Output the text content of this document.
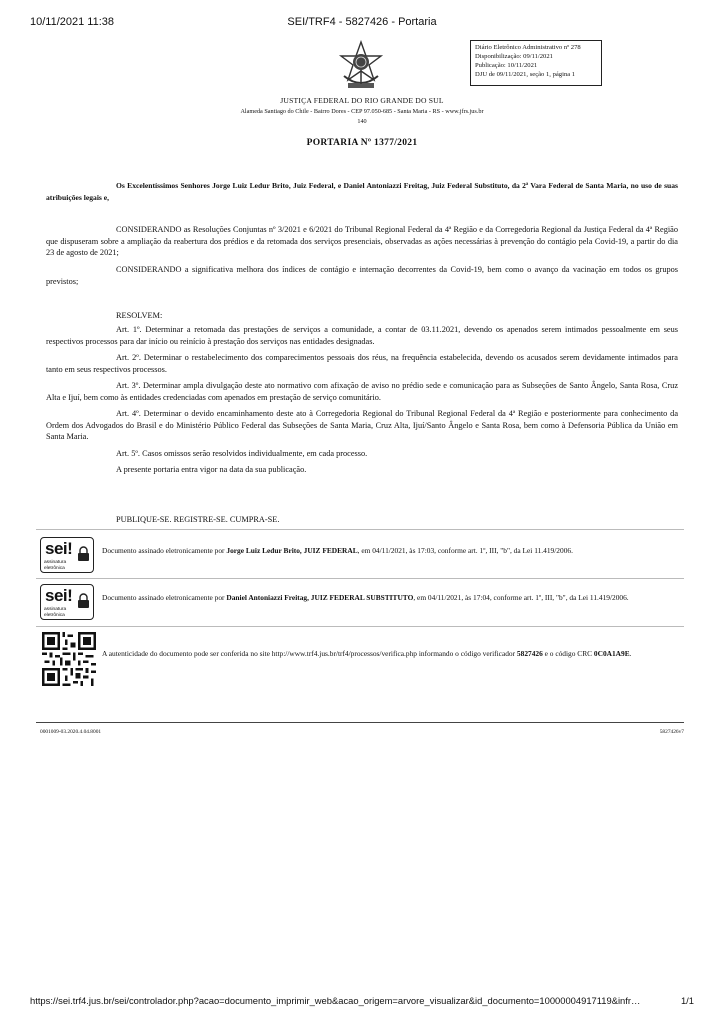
10/11/2021 11:38	SEI/TRF4 - 5827426 - Portaria
Diário Eletrônico Administrativo nº 278
Disponibilização: 09/11/2021
Publicação: 10/11/2021
DJU de 09/11/2021, seção 1, página 1
JUSTIÇA FEDERAL DO RIO GRANDE DO SUL
Alameda Santiago do Chile - Bairro Dores - CEP 97.050-685 - Santa Maria - RS - www.jfrs.jus.br
140
PORTARIA Nº 1377/2021

Os Excelentíssimos Senhores Jorge Luiz Ledur Brito, Juiz Federal, e Daniel Antoniazzi Freitag, Juiz Federal Substituto, da 2ª Vara Federal de Santa Maria, no uso de suas atribuições legais e,

CONSIDERANDO as Resoluções Conjuntas nº 3/2021 e 6/2021 do Tribunal Regional Federal da 4ª Região e da Corregedoria Regional da Justiça Federal da 4ª Região que dispuseram sobre a ampliação da reabertura dos prédios e da retomada dos serviços presenciais, observadas as ações necessárias à prevenção do contágio pela Covid-19, a partir do dia 23 de agosto de 2021;

CONSIDERANDO a significativa melhora dos índices de contágio e internação decorrentes da Covid-19, bem como o avanço da vacinação em todos os grupos previstos;

RESOLVEM:

Art. 1º. Determinar a retomada das prestações de serviços a comunidade, a contar de 03.11.2021, devendo os apenados serem intimados pessoalmente em seus respectivos processos para dar início ou reinício à prestação dos serviços nas entidades designadas.

Art. 2º. Determinar o restabelecimento dos comparecimentos pessoais dos réus, na frequência estabelecida, devendo os acusados serem devidamente intimados para tanto em seus respectivos processos.

Art. 3º. Determinar ampla divulgação deste ato normativo com afixação de aviso no prédio sede e comunicação para as Subseções de Santo Ângelo, Santa Rosa, Cruz Alta e Ijuí, bem como às entidades credenciadas com apenados em prestação de serviço comunitário.

Art. 4º. Determinar o devido encaminhamento deste ato à Corregedoria Regional do Tribunal Regional Federal da 4ª Região e posteriormente para conhecimento da Ordem dos Advogados do Brasil e do Ministério Público Federal das Subseções de Santa Maria, Cruz Alta, Ijuí/Santo Ângelo e Santa Rosa, bem como à Defensoria Pública da União em Santa Maria.

Art. 5º. Casos omissos serão resolvidos individualmente, em cada processo.

A presente portaria entra vigor na data da sua publicação.

PUBLIQUE-SE. REGISTRE-SE. CUMPRA-SE.

sei!
assinatura
eletrônica

Documento assinado eletronicamente por Jorge Luiz Ledur Brito, JUIZ FEDERAL, em 04/11/2021, às 17:03, conforme art. 1º, III, "b", da Lei 11.419/2006.

sei!
assinatura
eletrônica

Documento assinado eletronicamente por Daniel Antoniazzi Freitag, JUIZ FEDERAL SUBSTITUTO, em 04/11/2021, às 17:04, conforme art. 1º, III, "b", da Lei 11.419/2006.

A autenticidade do documento pode ser conferida no site http://www.trf4.jus.br/trf4/processos/verifica.php informando o código verificador 5827426 e o código CRC 0C0A1A9E.

0001009-03.2020.4.04.8001	5827426v7
https://sei.trf4.jus.br/sei/controlador.php?acao=documento_imprimir_web&acao_origem=arvore_visualizar&id_documento=10000004917119&infr…	1/1
